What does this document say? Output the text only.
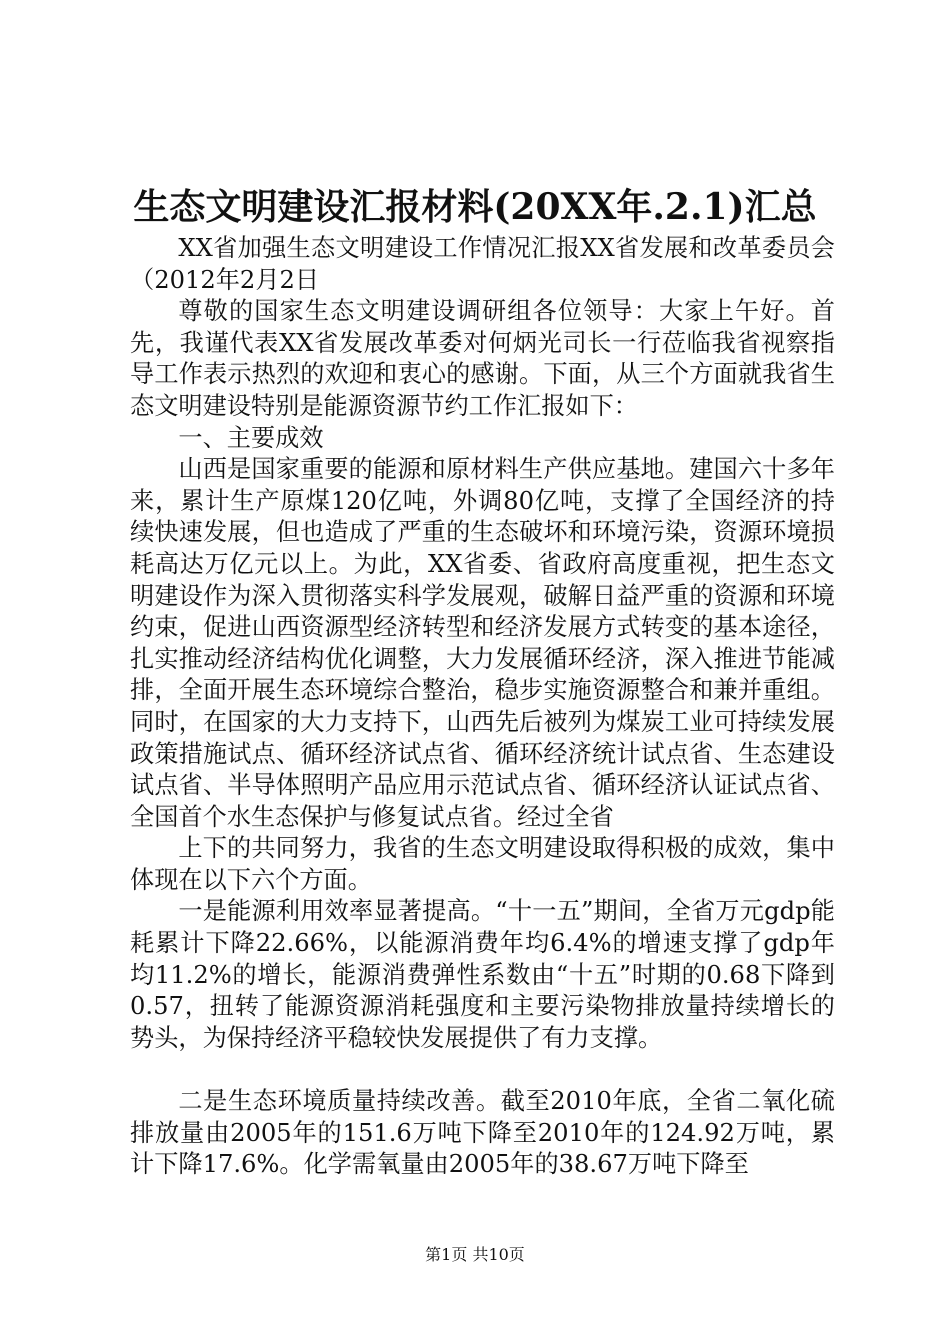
生态文明建设汇报材料(20XX年.2.1)汇总

XX省加强生态文明建设工作情况汇报XX省发展和改革委员会（2012年2月2日

尊敬的国家生态文明建设调研组各位领导：大家上午好。首先，我谨代表XX省发展改革委对何炳光司长一行莅临我省视察指导工作表示热烈的欢迎和衷心的感谢。下面，从三个方面就我省生态文明建设特别是能源资源节约工作汇报如下：

一、主要成效

山西是国家重要的能源和原材料生产供应基地。建国六十多年来，累计生产原煤120亿吨，外调80亿吨，支撑了全国经济的持续快速发展，但也造成了严重的生态破坏和环境污染，资源环境损耗高达万亿元以上。为此，XX省委、省政府高度重视，把生态文明建设作为深入贯彻落实科学发展观，破解日益严重的资源和环境约束，促进山西资源型经济转型和经济发展方式转变的基本途径，扎实推动经济结构优化调整，大力发展循环经济，深入推进节能减排，全面开展生态环境综合整治，稳步实施资源整合和兼并重组。同时，在国家的大力支持下，山西先后被列为煤炭工业可持续发展政策措施试点、循环经济试点省、循环经济统计试点省、生态建设试点省、半导体照明产品应用示范试点省、循环经济认证试点省、全国首个水生态保护与修复试点省。经过全省

上下的共同努力，我省的生态文明建设取得积极的成效，集中体现在以下六个方面。

一是能源利用效率显著提高。“十一五”期间，全省万元gdp能耗累计下降22.66%，以能源消费年均6.4%的增速支撑了gdp年均11.2%的增长，能源消费弹性系数由“十五”时期的0.68下降到0.57，扭转了能源资源消耗强度和主要污染物排放量持续增长的势头，为保持经济平稳较快发展提供了有力支撑。

二是生态环境质量持续改善。截至2010年底，全省二氧化硫排放量由2005年的151.6万吨下降至2010年的124.92万吨，累计下降17.6%。化学需氧量由2005年的38.67万吨下降至

第1页 共10页
